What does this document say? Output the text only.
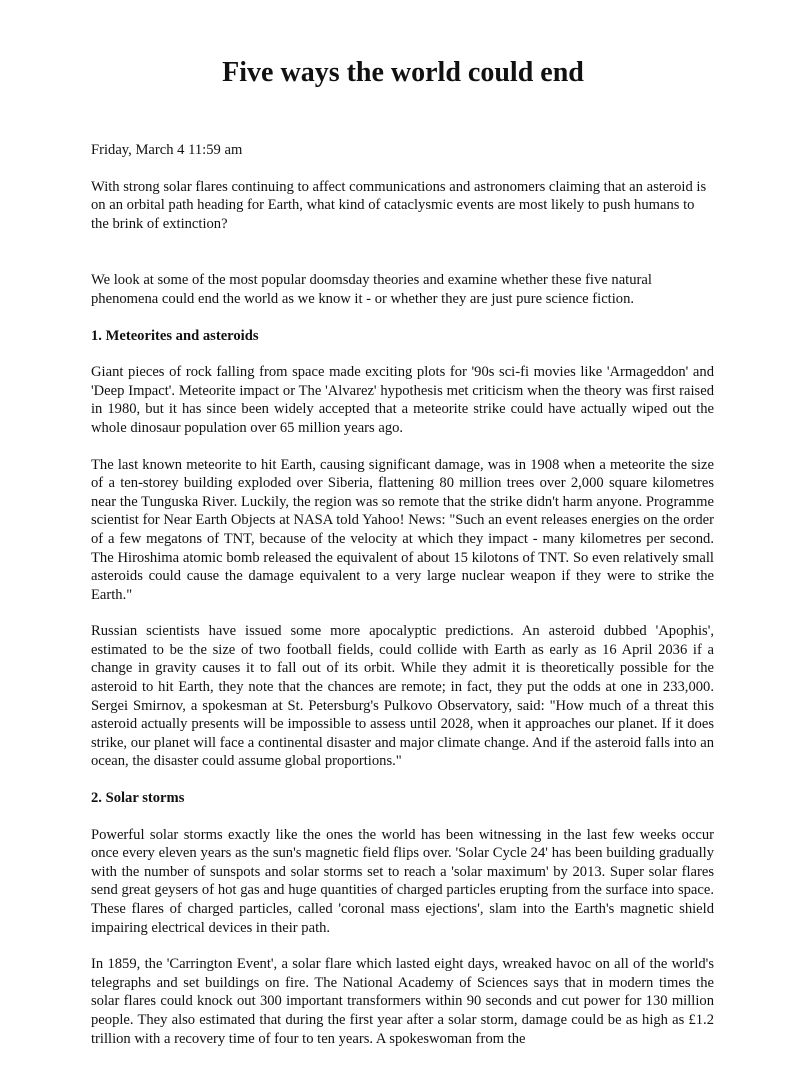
Five ways the world could end

Friday, March 4 11:59 am

With strong solar flares continuing to affect communications and astronomers claiming that an asteroid is on an orbital path heading for Earth, what kind of cataclysmic events are most likely to push humans to the brink of extinction?

We look at some of the most popular doomsday theories and examine whether these five natural phenomena could end the world as we know it - or whether they are just pure science fiction.

1. Meteorites and asteroids

Giant pieces of rock falling from space made exciting plots for '90s sci-fi movies like 'Armageddon' and 'Deep Impact'. Meteorite impact or The 'Alvarez' hypothesis met criticism when the theory was first raised in 1980, but it has since been widely accepted that a meteorite strike could have actually wiped out the whole dinosaur population over 65 million years ago.

The last known meteorite to hit Earth, causing significant damage, was in 1908 when a meteorite the size of a ten-storey building exploded over Siberia, flattening 80 million trees over 2,000 square kilometres near the Tunguska River. Luckily, the region was so remote that the strike didn't harm anyone. Programme scientist for Near Earth Objects at NASA told Yahoo! News: "Such an event releases energies on the order of a few megatons of TNT, because of the velocity at which they impact - many kilometres per second. The Hiroshima atomic bomb released the equivalent of about 15 kilotons of TNT. So even relatively small asteroids could cause the damage equivalent to a very large nuclear weapon if they were to strike the Earth."

Russian scientists have issued some more apocalyptic predictions. An asteroid dubbed 'Apophis', estimated to be the size of two football fields, could collide with Earth as early as 16 April 2036 if a change in gravity causes it to fall out of its orbit. While they admit it is theoretically possible for the asteroid to hit Earth, they note that the chances are remote; in fact, they put the odds at one in 233,000. Sergei Smirnov, a spokesman at St. Petersburg's Pulkovo Observatory, said: "How much of a threat this asteroid actually presents will be impossible to assess until 2028, when it approaches our planet. If it does strike, our planet will face a continental disaster and major climate change. And if the asteroid falls into an ocean, the disaster could assume global proportions."

2. Solar storms

Powerful solar storms exactly like the ones the world has been witnessing in the last few weeks occur once every eleven years as the sun's magnetic field flips over. 'Solar Cycle 24' has been building gradually with the number of sunspots and solar storms set to reach a 'solar maximum' by 2013. Super solar flares send great geysers of hot gas and huge quantities of charged particles erupting from the surface into space. These flares of charged particles, called 'coronal mass ejections', slam into the Earth's magnetic shield impairing electrical devices in their path.

In 1859, the 'Carrington Event', a solar flare which lasted eight days, wreaked havoc on all of the world's telegraphs and set buildings on fire. The National Academy of Sciences says that in modern times the solar flares could knock out 300 important transformers within 90 seconds and cut power for 130 million people. They also estimated that during the first year after a solar storm, damage could be as high as £1.2 trillion with a recovery time of four to ten years. A spokeswoman from the
